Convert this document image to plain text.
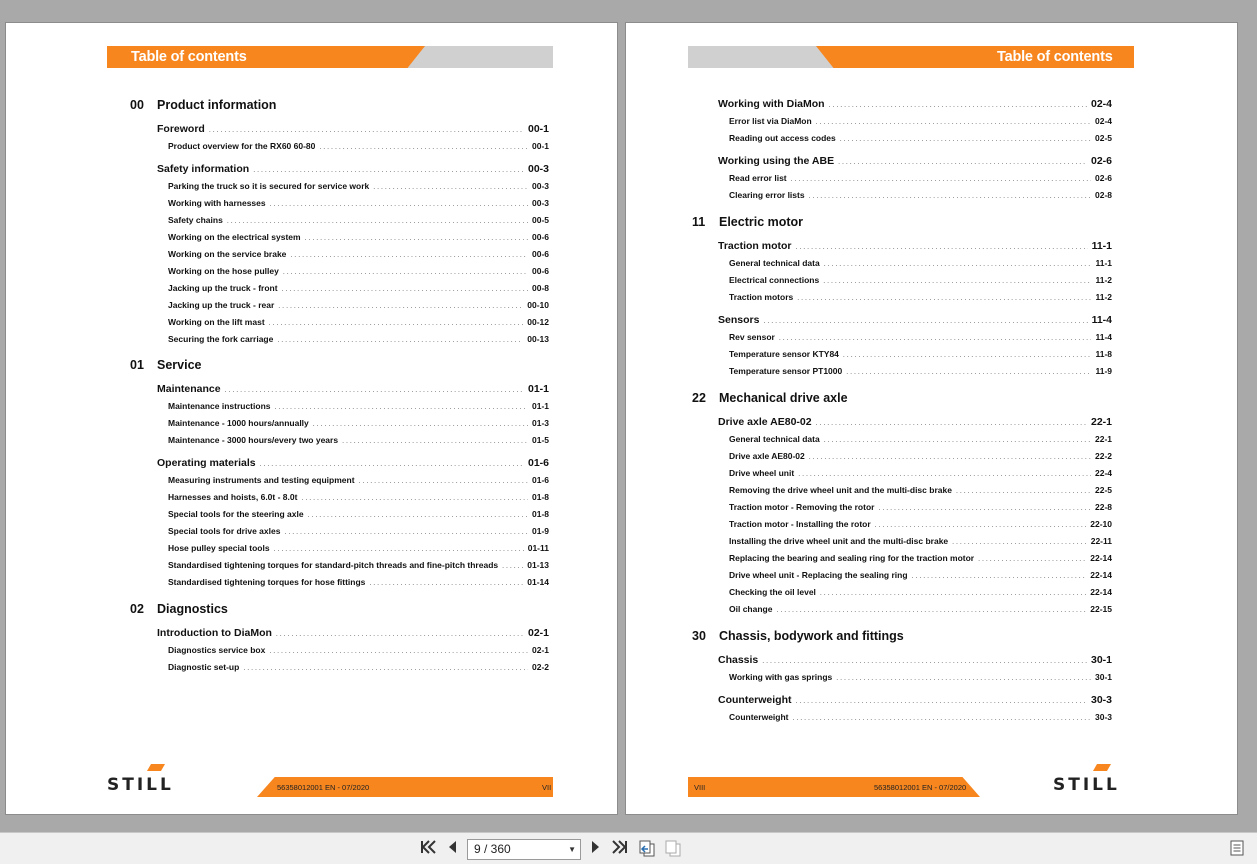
Table of contents
00	Product information
Foreword . . .	00-1
Product overview for the RX60 60-80 . . .	00-1
Safety information . . .	00-3
Parking the truck so it is secured for service work . . .	00-3
Working with harnesses . . .	00-3
Safety chains . . .	00-5
Working on the electrical system . . .	00-6
Working on the service brake . . .	00-6
Working on the hose pulley . . .	00-6
Jacking up the truck - front . . .	00-8
Jacking up the truck - rear . . .	00-10
Working on the lift mast . . .	00-12
Securing the fork carriage . . .	00-13
01	Service
Maintenance . . .	01-1
Maintenance instructions . . .	01-1
Maintenance - 1000 hours/annually . . .	01-3
Maintenance - 3000 hours/every two years . . .	01-5
Operating materials . . .	01-6
Measuring instruments and testing equipment . . .	01-6
Harnesses and hoists, 6.0t - 8.0t . . .	01-8
Special tools for the steering axle . . .	01-8
Special tools for drive axles . . .	01-9
Hose pulley special tools . . .	01-11
Standardised tightening torques for standard-pitch threads and fine-pitch threads . . .	01-13
Standardised tightening torques for hose fittings . . .	01-14
02	Diagnostics
Introduction to DiaMon . . .	02-1
Diagnostics service box . . .	02-1
Diagnostic set-up . . .	02-2
STILL	56358012001 EN - 07/2020	VII
Table of contents
Working with DiaMon . . .	02-4
Error list via DiaMon . . .	02-4
Reading out access codes . . .	02-5
Working using the ABE . . .	02-6
Read error list . . .	02-6
Clearing error lists . . .	02-8
11	Electric motor
Traction motor . . .	11-1
General technical data . . .	11-1
Electrical connections . . .	11-2
Traction motors . . .	11-2
Sensors . . .	11-4
Rev sensor . . .	11-4
Temperature sensor KTY84 . . .	11-8
Temperature sensor PT1000 . . .	11-9
22	Mechanical drive axle
Drive axle AE80-02 . . .	22-1
General technical data . . .	22-1
Drive axle AE80-02 . . .	22-2
Drive wheel unit . . .	22-4
Removing the drive wheel unit and the multi-disc brake . . .	22-5
Traction motor - Removing the rotor . . .	22-8
Traction motor - Installing the rotor . . .	22-10
Installing the drive wheel unit and the multi-disc brake . . .	22-11
Replacing the bearing and sealing ring for the traction motor . . .	22-14
Drive wheel unit - Replacing the sealing ring . . .	22-14
Checking the oil level . . .	22-14
Oil change . . .	22-15
30	Chassis, bodywork and fittings
Chassis . . .	30-1
Working with gas springs . . .	30-1
Counterweight . . .	30-3
Counterweight . . .	30-3
VIII	56358012001 EN - 07/2020	STILL
9 / 360	▼
